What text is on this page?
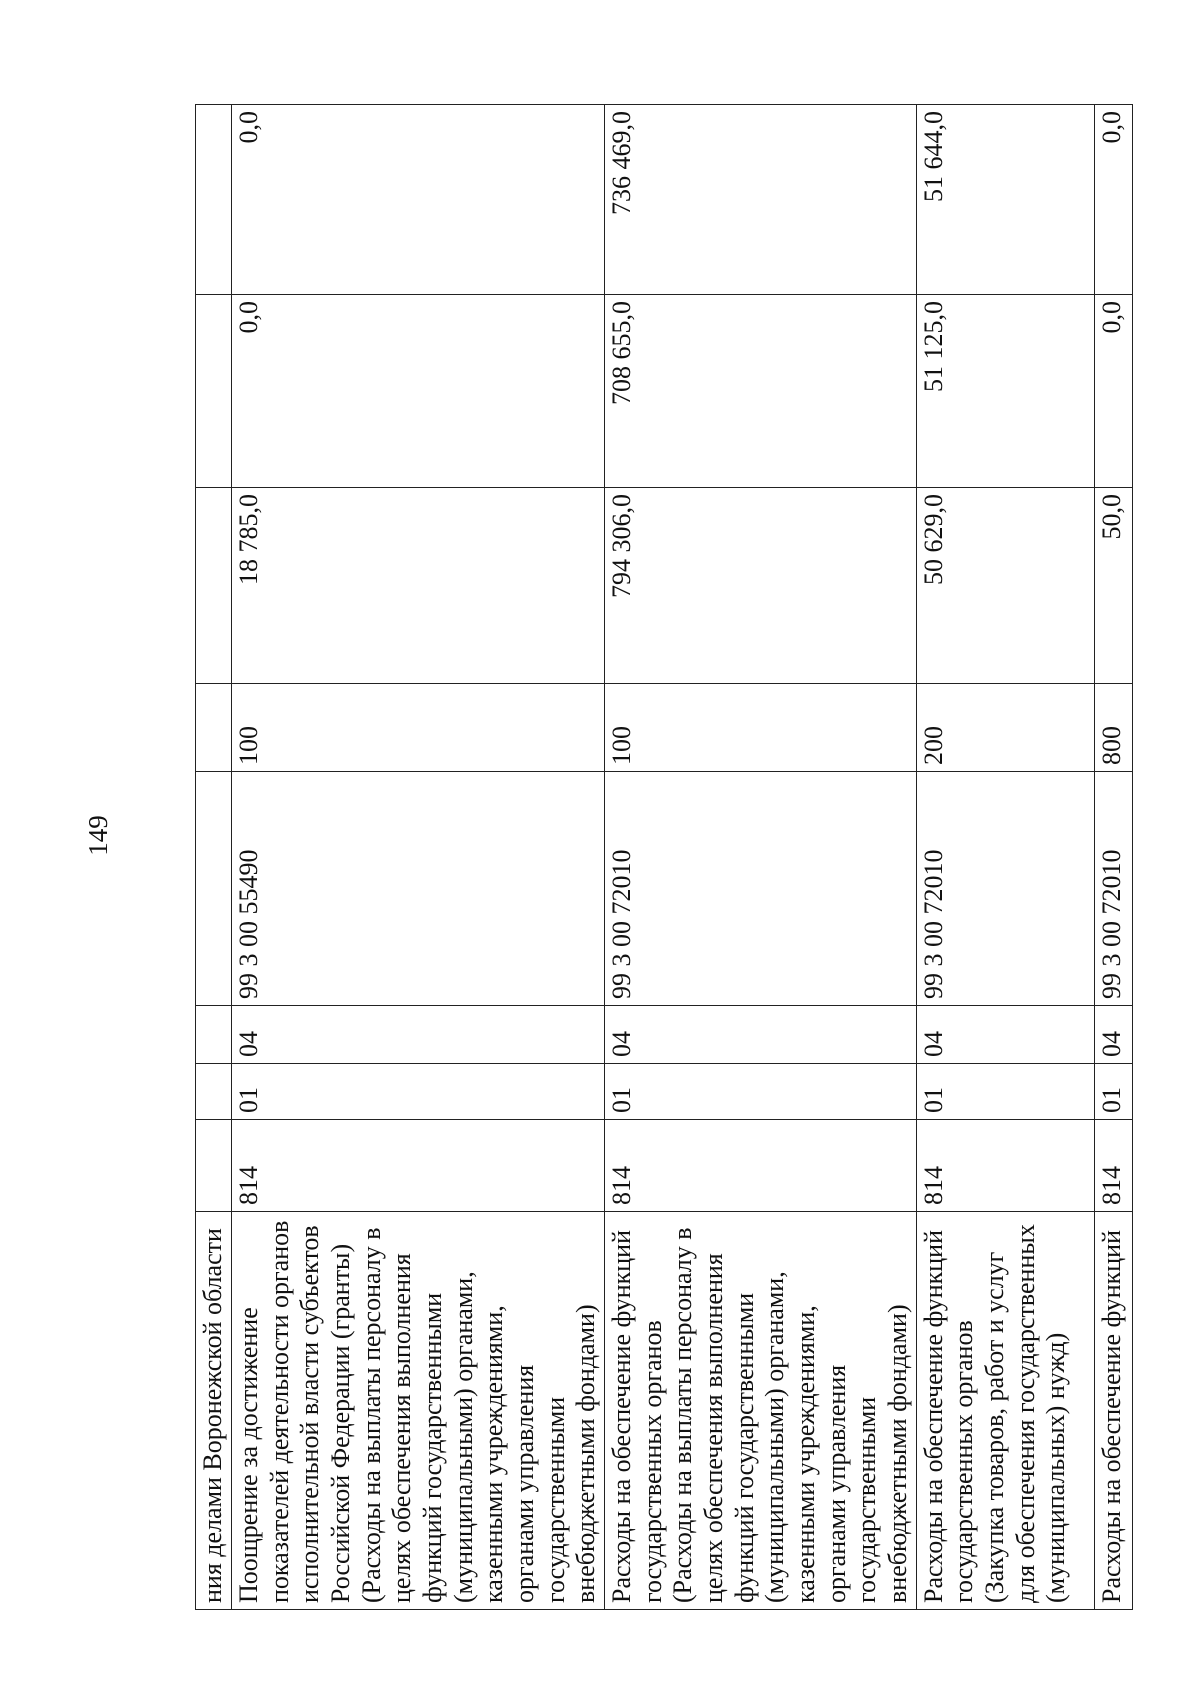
149
ния делами Воронежской области								
Поощрение за достижение показателей деятельности органов исполнительной власти субъектов Российской Федерации (гранты) (Расходы на выплаты персоналу в целях обеспечения выполнения функций государственными (муниципальными) органами, казенными учреждениями, органами управления государственными внебюджетными фондами)	814	01	04	99 3 00 55490	100	18 785,0	0,0	0,0
Расходы на обеспечение функций государственных органов (Расходы на выплаты персоналу в целях обеспечения выполнения функций государственными (муниципальными) органами, казенными учреждениями, органами управления государственными внебюджетными фондами)	814	01	04	99 3 00 72010	100	794 306,0	708 655,0	736 469,0
Расходы на обеспечение функций государственных органов (Закупка товаров, работ и услуг для обеспечения государственных (муниципальных) нужд)	814	01	04	99 3 00 72010	200	50 629,0	51 125,0	51 644,0
Расходы на обеспечение функций	814	01	04	99 3 00 72010	800	50,0	0,0	0,0
